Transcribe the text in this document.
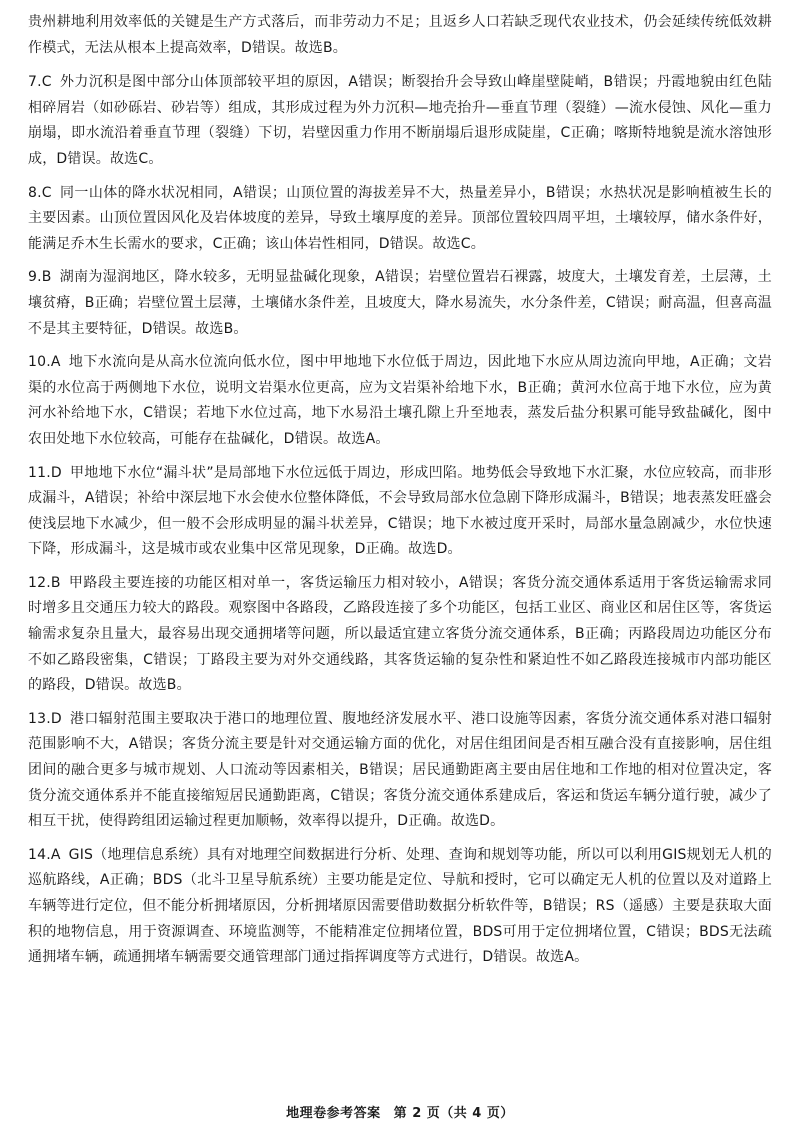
贵州耕地利用效率低的关键是生产方式落后，而非劳动力不足；且返乡人口若缺乏现代农业技术，仍会延续传统低效耕作模式，无法从根本上提高效率，D错误。故选B。

7.C 外力沉积是图中部分山体顶部较平坦的原因，A错误；断裂抬升会导致山峰崖壁陡峭，B错误；丹霞地貌由红色陆相碎屑岩（如砂砾岩、砂岩等）组成，其形成过程为外力沉积—地壳抬升—垂直节理（裂缝）—流水侵蚀、风化—重力崩塌，即水流沿着垂直节理（裂缝）下切，岩壁因重力作用不断崩塌后退形成陡崖，C正确；喀斯特地貌是流水溶蚀形成，D错误。故选C。

8.C 同一山体的降水状况相同，A错误；山顶位置的海拔差异不大，热量差异小，B错误；水热状况是影响植被生长的主要因素。山顶位置因风化及岩体坡度的差异，导致土壤厚度的差异。顶部位置较四周平坦，土壤较厚，储水条件好，能满足乔木生长需水的要求，C正确；该山体岩性相同，D错误。故选C。

9.B 湖南为湿润地区，降水较多，无明显盐碱化现象，A错误；岩壁位置岩石裸露，坡度大，土壤发育差，土层薄，土壤贫瘠，B正确；岩壁位置土层薄，土壤储水条件差，且坡度大，降水易流失，水分条件差，C错误；耐高温，但喜高温不是其主要特征，D错误。故选B。

10.A 地下水流向是从高水位流向低水位，图中甲地地下水位低于周边，因此地下水应从周边流向甲地，A正确；文岩渠的水位高于两侧地下水位，说明文岩渠水位更高，应为文岩渠补给地下水，B正确；黄河水位高于地下水位，应为黄河水补给地下水，C错误；若地下水位过高，地下水易沿土壤孔隙上升至地表，蒸发后盐分积累可能导致盐碱化，图中农田处地下水位较高，可能存在盐碱化，D错误。故选A。

11.D 甲地地下水位“漏斗状”是局部地下水位远低于周边，形成凹陷。地势低会导致地下水汇聚，水位应较高，而非形成漏斗，A错误；补给中深层地下水会使水位整体降低，不会导致局部水位急剧下降形成漏斗，B错误；地表蒸发旺盛会使浅层地下水减少，但一般不会形成明显的漏斗状差异，C错误；地下水被过度开采时，局部水量急剧减少，水位快速下降，形成漏斗，这是城市或农业集中区常见现象，D正确。故选D。

12.B 甲路段主要连接的功能区相对单一，客货运输压力相对较小，A错误；客货分流交通体系适用于客货运输需求同时增多且交通压力较大的路段。观察图中各路段，乙路段连接了多个功能区，包括工业区、商业区和居住区等，客货运输需求复杂且量大，最容易出现交通拥堵等问题，所以最适宜建立客货分流交通体系，B正确；丙路段周边功能区分布不如乙路段密集，C错误；丁路段主要为对外交通线路，其客货运输的复杂性和紧迫性不如乙路段连接城市内部功能区的路段，D错误。故选B。

13.D 港口辐射范围主要取决于港口的地理位置、腹地经济发展水平、港口设施等因素，客货分流交通体系对港口辐射范围影响不大，A错误；客货分流主要是针对交通运输方面的优化，对居住组团间是否相互融合没有直接影响，居住组团间的融合更多与城市规划、人口流动等因素相关，B错误；居民通勤距离主要由居住地和工作地的相对位置决定，客货分流交通体系并不能直接缩短居民通勤距离，C错误；客货分流交通体系建成后，客运和货运车辆分道行驶，减少了相互干扰，使得跨组团运输过程更加顺畅，效率得以提升，D正确。故选D。

14.A GIS（地理信息系统）具有对地理空间数据进行分析、处理、查询和规划等功能，所以可以利用GIS规划无人机的巡航路线，A正确；BDS（北斗卫星导航系统）主要功能是定位、导航和授时，它可以确定无人机的位置以及对道路上车辆等进行定位，但不能分析拥堵原因，分析拥堵原因需要借助数据分析软件等，B错误；RS（遥感）主要是获取大面积的地物信息，用于资源调查、环境监测等，不能精准定位拥堵位置，BDS可用于定位拥堵位置，C错误；BDS无法疏通拥堵车辆，疏通拥堵车辆需要交通管理部门通过指挥调度等方式进行，D错误。故选A。

地理卷参考答案 第 2 页（共 4 页）
